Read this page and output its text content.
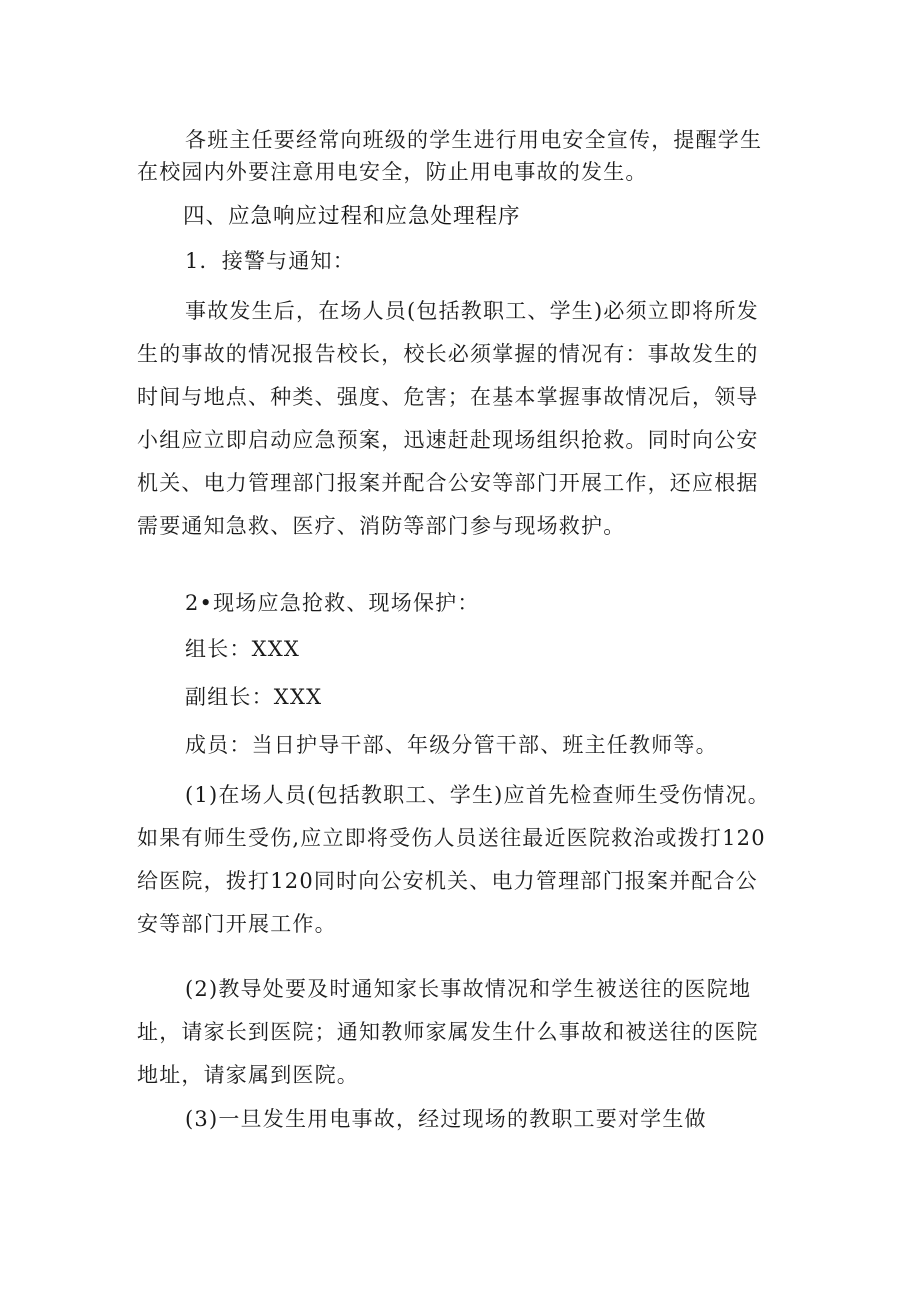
各班主任要经常向班级的学生进行用电安全宣传，提醒学生
在校园内外要注意用电安全，防止用电事故的发生。
四、应急响应过程和应急处理程序
1．接警与通知：
事故发生后，在场人员(包括教职工、学生)必须立即将所发
生的事故的情况报告校长，校长必须掌握的情况有：事故发生的
时间与地点、种类、强度、危害；在基本掌握事故情况后，领导
小组应立即启动应急预案，迅速赶赴现场组织抢救。同时向公安
机关、电力管理部门报案并配合公安等部门开展工作，还应根据
需要通知急救、医疗、消防等部门参与现场救护。
2•现场应急抢救、现场保护：
组长：XXX
副组长：XXX
成员：当日护导干部、年级分管干部、班主任教师等。
(1)在场人员(包括教职工、学生)应首先检查师生受伤情况。
如果有师生受伤,应立即将受伤人员送往最近医院救治或拨打120
给医院，拨打120同时向公安机关、电力管理部门报案并配合公
安等部门开展工作。
(2)教导处要及时通知家长事故情况和学生被送往的医院地
址，请家长到医院；通知教师家属发生什么事故和被送往的医院
地址，请家属到医院。
(3)一旦发生用电事故，经过现场的教职工要对学生做
